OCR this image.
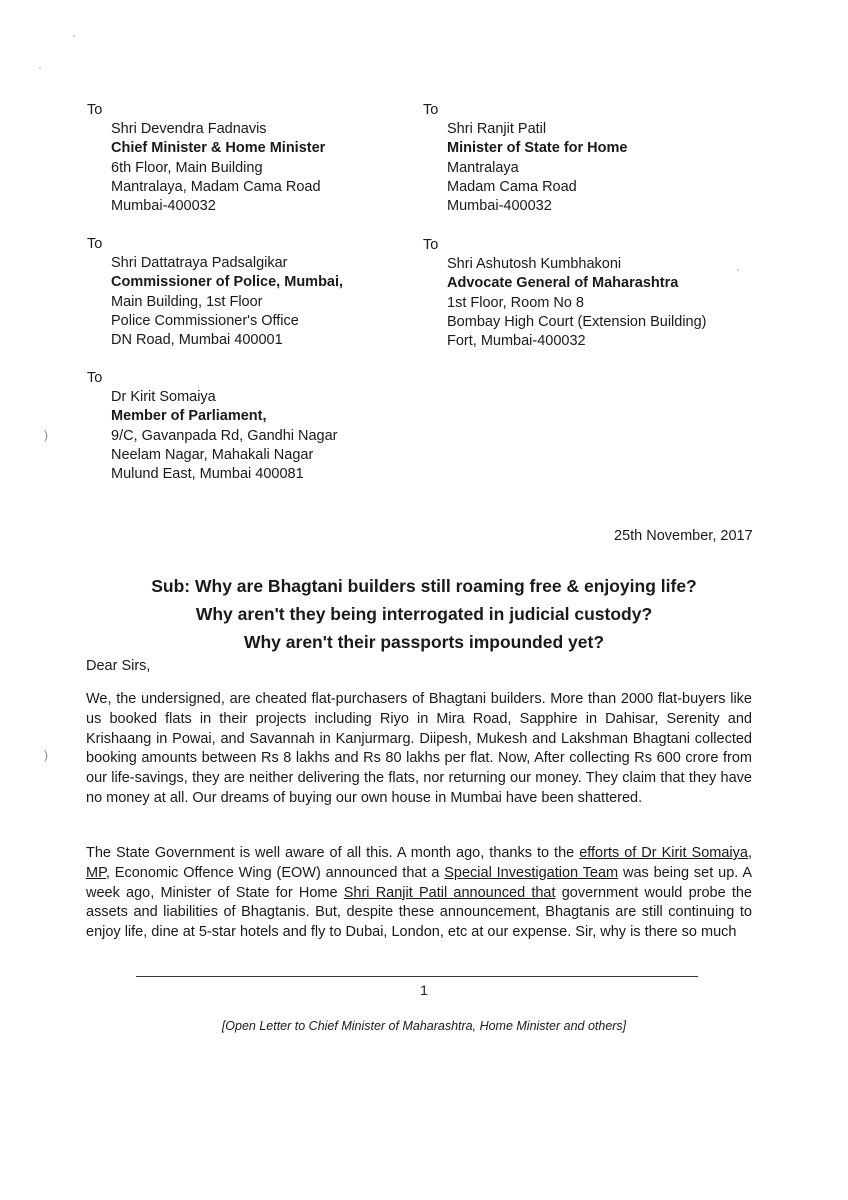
To
Shri Devendra Fadnavis
Chief Minister & Home Minister
6th Floor, Main Building
Mantralaya, Madam Cama Road
Mumbai-400032
To
Shri Ranjit Patil
Minister of State for Home
Mantralaya
Madam Cama Road
Mumbai-400032
To
Shri Dattatraya Padsalgikar
Commissioner of Police, Mumbai,
Main Building, 1st Floor
Police Commissioner's Office
DN Road, Mumbai 400001
To
Shri Ashutosh Kumbhakoni
Advocate General of Maharashtra
1st Floor, Room No 8
Bombay High Court (Extension Building)
Fort, Mumbai-400032
To
Dr Kirit Somaiya
Member of Parliament,
9/C, Gavanpada Rd, Gandhi Nagar
Neelam Nagar, Mahakali Nagar
Mulund East, Mumbai 400081
25th November, 2017
Sub: Why are Bhagtani builders still roaming free & enjoying life?
Why aren't they being interrogated in judicial custody?
Why aren't their passports impounded yet?
Dear Sirs,
We, the undersigned, are cheated flat-purchasers of Bhagtani builders. More than 2000 flat-buyers like us booked flats in their projects including Riyo in Mira Road, Sapphire in Dahisar, Serenity and Krishaang in Powai, and Savannah in Kanjurmarg. Diipesh, Mukesh and Lakshman Bhagtani collected booking amounts between Rs 8 lakhs and Rs 80 lakhs per flat. Now, After collecting Rs 600 crore from our life-savings, they are neither delivering the flats, nor returning our money. They claim that they have no money at all. Our dreams of buying our own house in Mumbai have been shattered.
The State Government is well aware of all this. A month ago, thanks to the efforts of Dr Kirit Somaiya, MP, Economic Offence Wing (EOW) announced that a Special Investigation Team was being set up. A week ago, Minister of State for Home Shri Ranjit Patil announced that government would probe the assets and liabilities of Bhagtanis. But, despite these announcement, Bhagtanis are still continuing to enjoy life, dine at 5-star hotels and fly to Dubai, London, etc at our expense. Sir, why is there so much
1
[Open Letter to Chief Minister of Maharashtra, Home Minister and others]
·
·
)
)
·
